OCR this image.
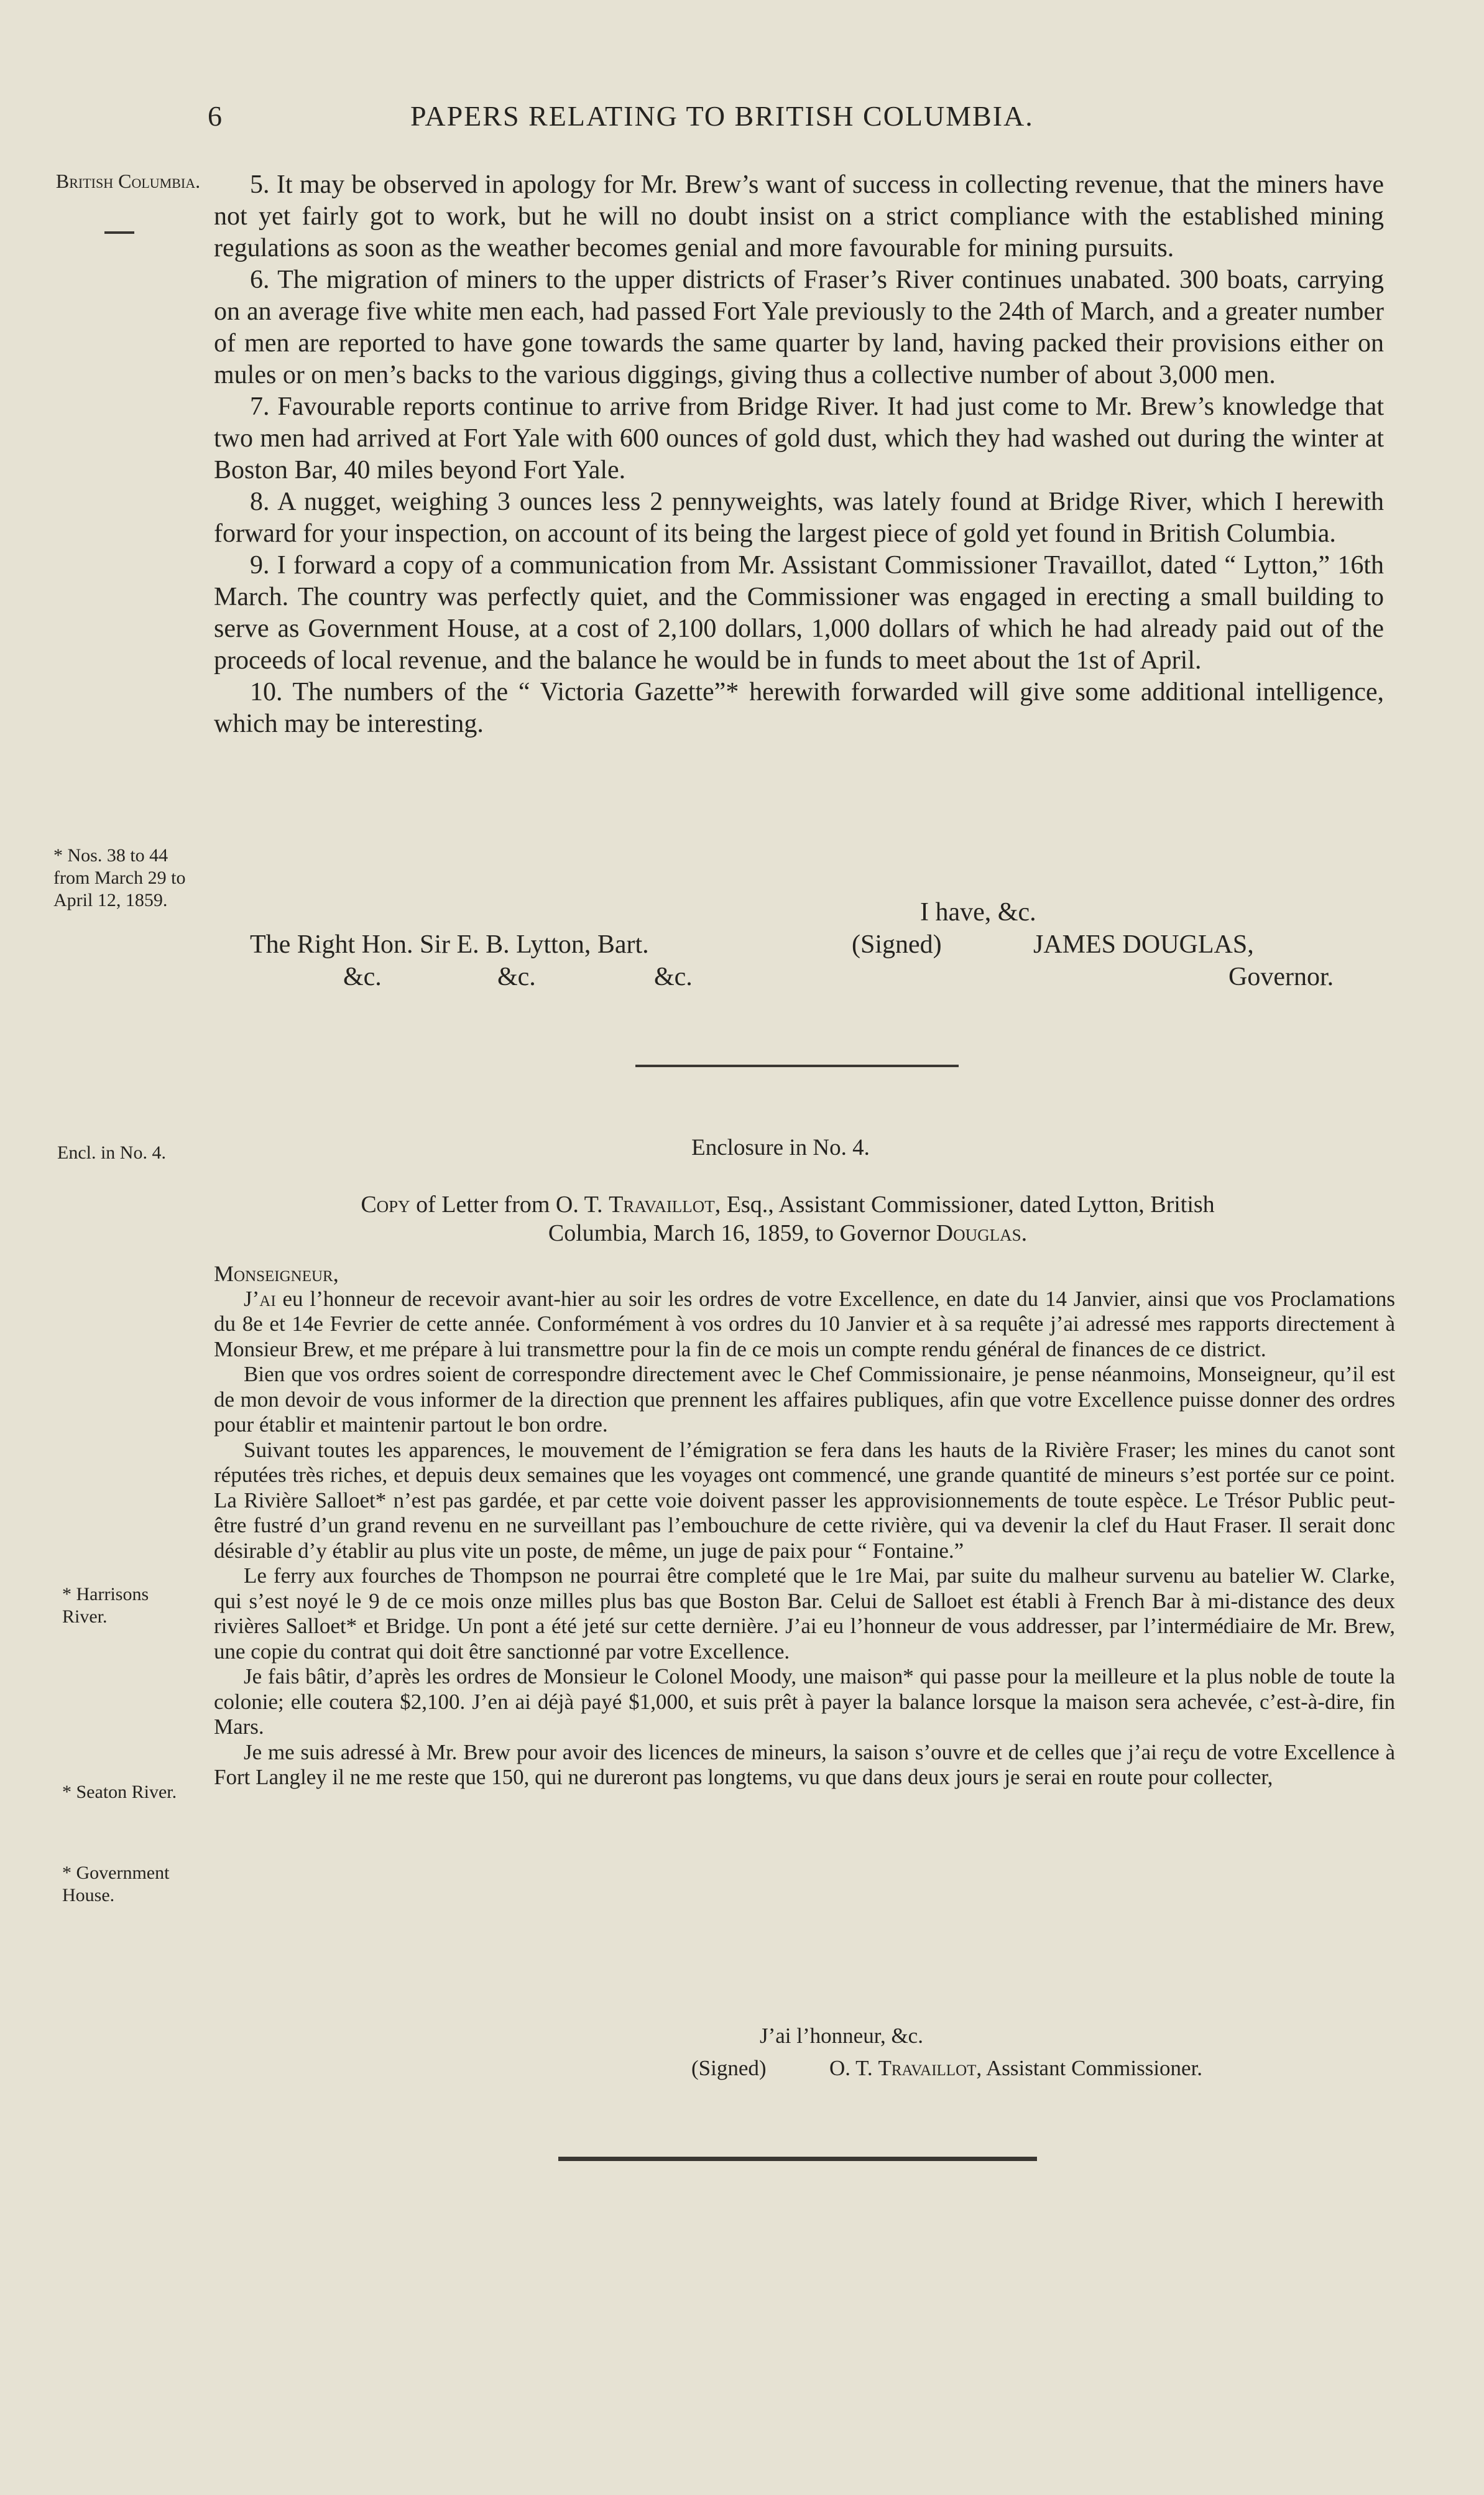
6	PAPERS RELATING TO BRITISH COLUMBIA.
British Columbia.
* Nos. 38 to 44 from March 29 to April 12, 1859.
Encl. in No. 4.
* Harrisons River.
* Seaton River.
* Government House.

5. It may be observed in apology for Mr. Brew’s want of success in collecting revenue, that the miners have not yet fairly got to work, but he will no doubt insist on a strict compliance with the established mining regulations as soon as the weather becomes genial and more favourable for mining pursuits.

6. The migration of miners to the upper districts of Fraser’s River continues unabated. 300 boats, carrying on an average five white men each, had passed Fort Yale previously to the 24th of March, and a greater number of men are reported to have gone towards the same quarter by land, having packed their provisions either on mules or on men’s backs to the various diggings, giving thus a collective number of about 3,000 men.

7. Favourable reports continue to arrive from Bridge River. It had just come to Mr. Brew’s knowledge that two men had arrived at Fort Yale with 600 ounces of gold dust, which they had washed out during the winter at Boston Bar, 40 miles beyond Fort Yale.

8. A nugget, weighing 3 ounces less 2 pennyweights, was lately found at Bridge River, which I herewith forward for your inspection, on account of its being the largest piece of gold yet found in British Columbia.

9. I forward a copy of a communication from Mr. Assistant Commissioner Travaillot, dated “ Lytton,” 16th March. The country was perfectly quiet, and the Commissioner was engaged in erecting a small building to serve as Government House, at a cost of 2,100 dollars, 1,000 dollars of which he had already paid out of the proceeds of local revenue, and the balance he would be in funds to meet about the 1st of April.

10. The numbers of the “ Victoria Gazette”* herewith forwarded will give some additional intelligence, which may be interesting.

I have, &c.
The Right Hon. Sir E. B. Lytton, Bart.	(Signed)	JAMES DOUGLAS,
&c.	&c.	&c.	Governor.
Enclosure in No. 4.
Copy of Letter from O. T. Travaillot, Esq., Assistant Commissioner, dated Lytton, British
Columbia, March 16, 1859, to Governor Douglas.
Monseigneur,

J’ai eu l’honneur de recevoir avant-hier au soir les ordres de votre Excellence, en date du 14 Janvier, ainsi que vos Proclamations du 8e et 14e Fevrier de cette année. Conformément à vos ordres du 10 Janvier et à sa requête j’ai adressé mes rapports directement à Monsieur Brew, et me prépare à lui transmettre pour la fin de ce mois un compte rendu général de finances de ce district.

Bien que vos ordres soient de correspondre directement avec le Chef Commissionaire, je pense néanmoins, Monseigneur, qu’il est de mon devoir de vous informer de la direction que prennent les affaires publiques, afin que votre Excellence puisse donner des ordres pour établir et maintenir partout le bon ordre.

Suivant toutes les apparences, le mouvement de l’émigration se fera dans les hauts de la Rivière Fraser; les mines du canot sont réputées très riches, et depuis deux semaines que les voyages ont commencé, une grande quantité de mineurs s’est portée sur ce point. La Rivière Salloet* n’est pas gardée, et par cette voie doivent passer les approvisionnements de toute espèce. Le Trésor Public peut-être fustré d’un grand revenu en ne surveillant pas l’embouchure de cette rivière, qui va devenir la clef du Haut Fraser. Il serait donc désirable d’y établir au plus vite un poste, de même, un juge de paix pour “ Fontaine.”

Le ferry aux fourches de Thompson ne pourrai être completé que le 1re Mai, par suite du malheur survenu au batelier W. Clarke, qui s’est noyé le 9 de ce mois onze milles plus bas que Boston Bar. Celui de Salloet est établi à French Bar à mi-distance des deux rivières Salloet* et Bridge. Un pont a été jeté sur cette dernière. J’ai eu l’honneur de vous addresser, par l’intermédiaire de Mr. Brew, une copie du contrat qui doit être sanctionné par votre Excellence.

Je fais bâtir, d’après les ordres de Monsieur le Colonel Moody, une maison* qui passe pour la meilleure et la plus noble de toute la colonie; elle coutera $2,100. J’en ai déjà payé $1,000, et suis prêt à payer la balance lorsque la maison sera achevée, c’est-à-dire, fin Mars.

Je me suis adressé à Mr. Brew pour avoir des licences de mineurs, la saison s’ouvre et de celles que j’ai reçu de votre Excellence à Fort Langley il ne me reste que 150, qui ne dureront pas longtems, vu que dans deux jours je serai en route pour collecter,

J’ai l’honneur, &c.
(Signed)	O. T. Travaillot, Assistant Commissioner.
